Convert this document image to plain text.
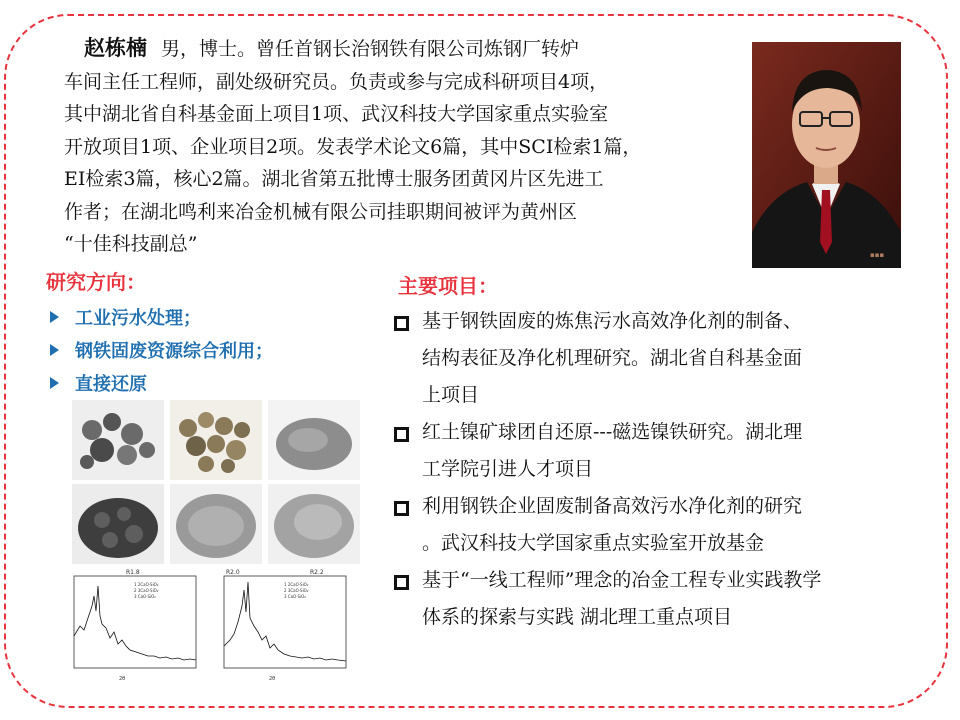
赵栋楠 男，博士。曾任首钢长治钢铁有限公司炼钢厂转炉
车间主任工程师，副处级研究员。负责或参与完成科研项目4项，
其中湖北省自科基金面上项目1项、武汉科技大学国家重点实验室
开放项目1项、企业项目2项。发表学术论文6篇，其中SCI检索1篇，
EI检索3篇，核心2篇。湖北省第五批博士服务团黄冈片区先进工
作者；在湖北鸣利来冶金机械有限公司挂职期间被评为黄州区
“十佳科技副总”	▪▪▪
研究方向：
工业污水处理；
钢铁固废资源综合利用；
直接还原
R1.8
1 2CaO·SiO₂
2 3CaO·SiO₂
3 CaO·SiO₂
2θ
R2.0	R2.2
1 2CaO·SiO₂
2 3CaO·SiO₂
3 CaO·SiO₂
2θ
主要项目：
基于钢铁固废的炼焦污水高效净化剂的制备、
结构表征及净化机理研究。湖北省自科基金面
上项目
红土镍矿球团自还原---磁选镍铁研究。湖北理
工学院引进人才项目
利用钢铁企业固废制备高效污水净化剂的研究
。武汉科技大学国家重点实验室开放基金
基于“一线工程师”理念的冶金工程专业实践教学
体系的探索与实践 湖北理工重点项目
